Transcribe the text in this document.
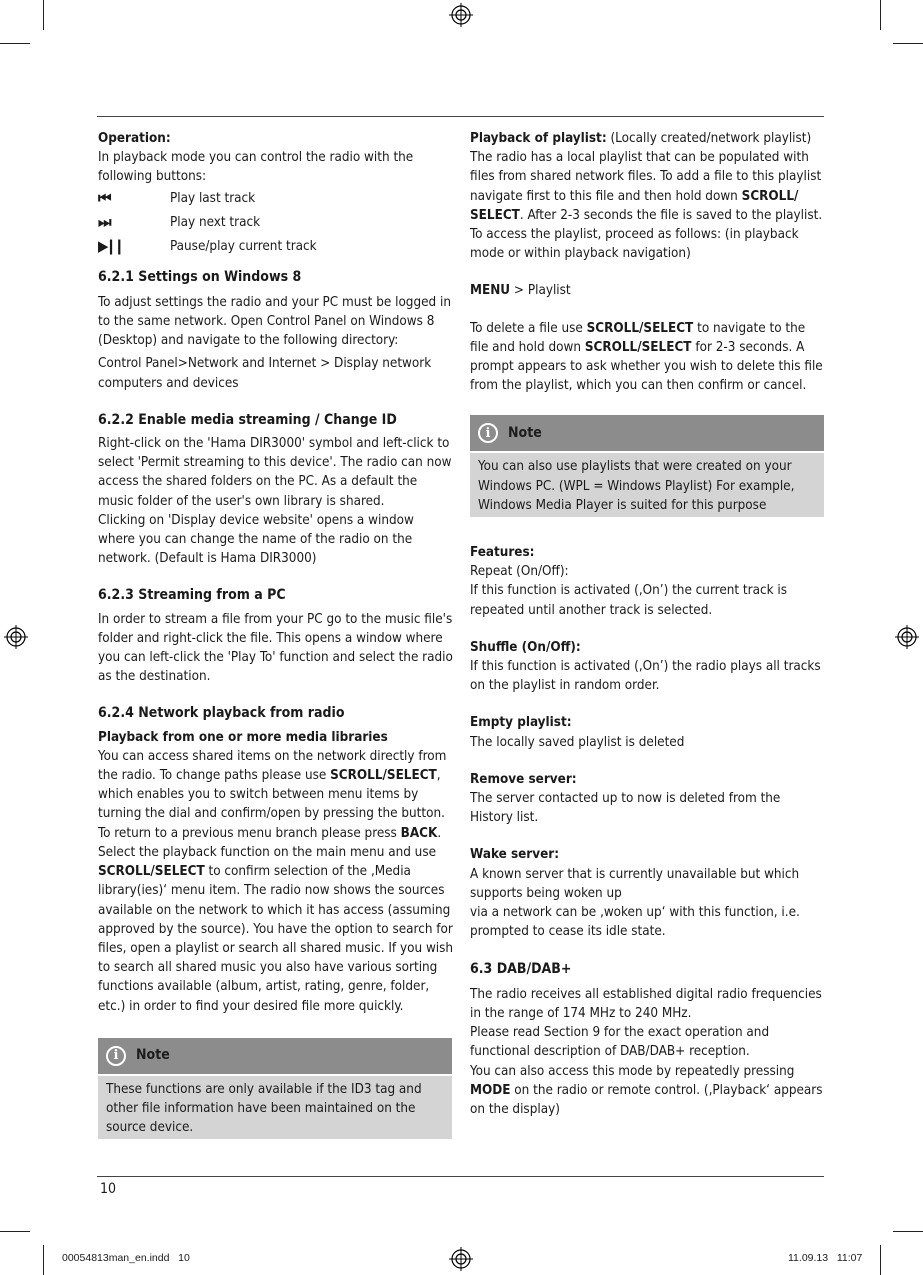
Operation:

In playback mode you can control the radio with the following buttons:

⏮	Play last track
⏭	Play next track
▶❙❙	Pause/play current track

6.2.1 Settings on Windows 8

To adjust settings the radio and your PC must be logged in to the same network. Open Control Panel on Windows 8 (Desktop) and navigate to the following directory:

Control Panel>Network and Internet > Display network computers and devices

6.2.2 Enable media streaming / Change ID

Right-click on the 'Hama DIR3000' symbol and left-click to select 'Permit streaming to this device'. The radio can now access the shared folders on the PC. As a default the music folder of the user's own library is shared.

Clicking on 'Display device website' opens a window where you can change the name of the radio on the network. (Default is Hama DIR3000)

6.2.3 Streaming from a PC

In order to stream a file from your PC go to the music file's folder and right-click the file. This opens a window where you can left-click the 'Play To' function and select the radio as the destination.

6.2.4 Network playback from radio

Playback from one or more media libraries

You can access shared items on the network directly from the radio. To change paths please use SCROLL/SELECT, which enables you to switch between menu items by turning the dial and confirm/open by pressing the button. To return to a previous menu branch please press BACK. Select the playback function on the main menu and use SCROLL/SELECT to confirm selection of the ‚Media library(ies)‘ menu item. The radio now shows the sources available on the network to which it has access (assuming approved by the source). You have the option to search for files, open a playlist or search all shared music. If you wish to search all shared music you also have various sorting functions available (album, artist, rating, genre, folder, etc.) in order to find your desired file more quickly.

i	Note
These functions are only available if the ID3 tag and other file information have been maintained on the source device.

Playback of playlist: (Locally created/network playlist)

The radio has a local playlist that can be populated with files from shared network files. To add a file to this playlist navigate first to this file and then hold down SCROLL/ SELECT. After 2-3 seconds the file is saved to the playlist. To access the playlist, proceed as follows: (in playback mode or within playback navigation)

MENU > Playlist

To delete a file use SCROLL/SELECT to navigate to the file and hold down SCROLL/SELECT for 2-3 seconds. A prompt appears to ask whether you wish to delete this file from the playlist, which you can then confirm or cancel.

i	Note
You can also use playlists that were created on your Windows PC. (WPL = Windows Playlist) For example, Windows Media Player is suited for this purpose

Features:

Repeat (On/Off):

If this function is activated (‚On’) the current track is repeated until another track is selected.

Shuffle (On/Off):

If this function is activated (‚On’) the radio plays all tracks on the playlist in random order.

Empty playlist:

The locally saved playlist is deleted

Remove server:

The server contacted up to now is deleted from the History list.

Wake server:

A known server that is currently unavailable but which supports being woken up

via a network can be ‚woken up‘ with this function, i.e. prompted to cease its idle state.

6.3 DAB/DAB+

The radio receives all established digital radio frequencies in the range of 174 MHz to 240 MHz.

Please read Section 9 for the exact operation and functional description of DAB/DAB+ reception.

You can also access this mode by repeatedly pressing

MODE on the radio or remote control. (‚Playback‘ appears on the display)

10
00054813man_en.indd   10	11.09.13   11:07
